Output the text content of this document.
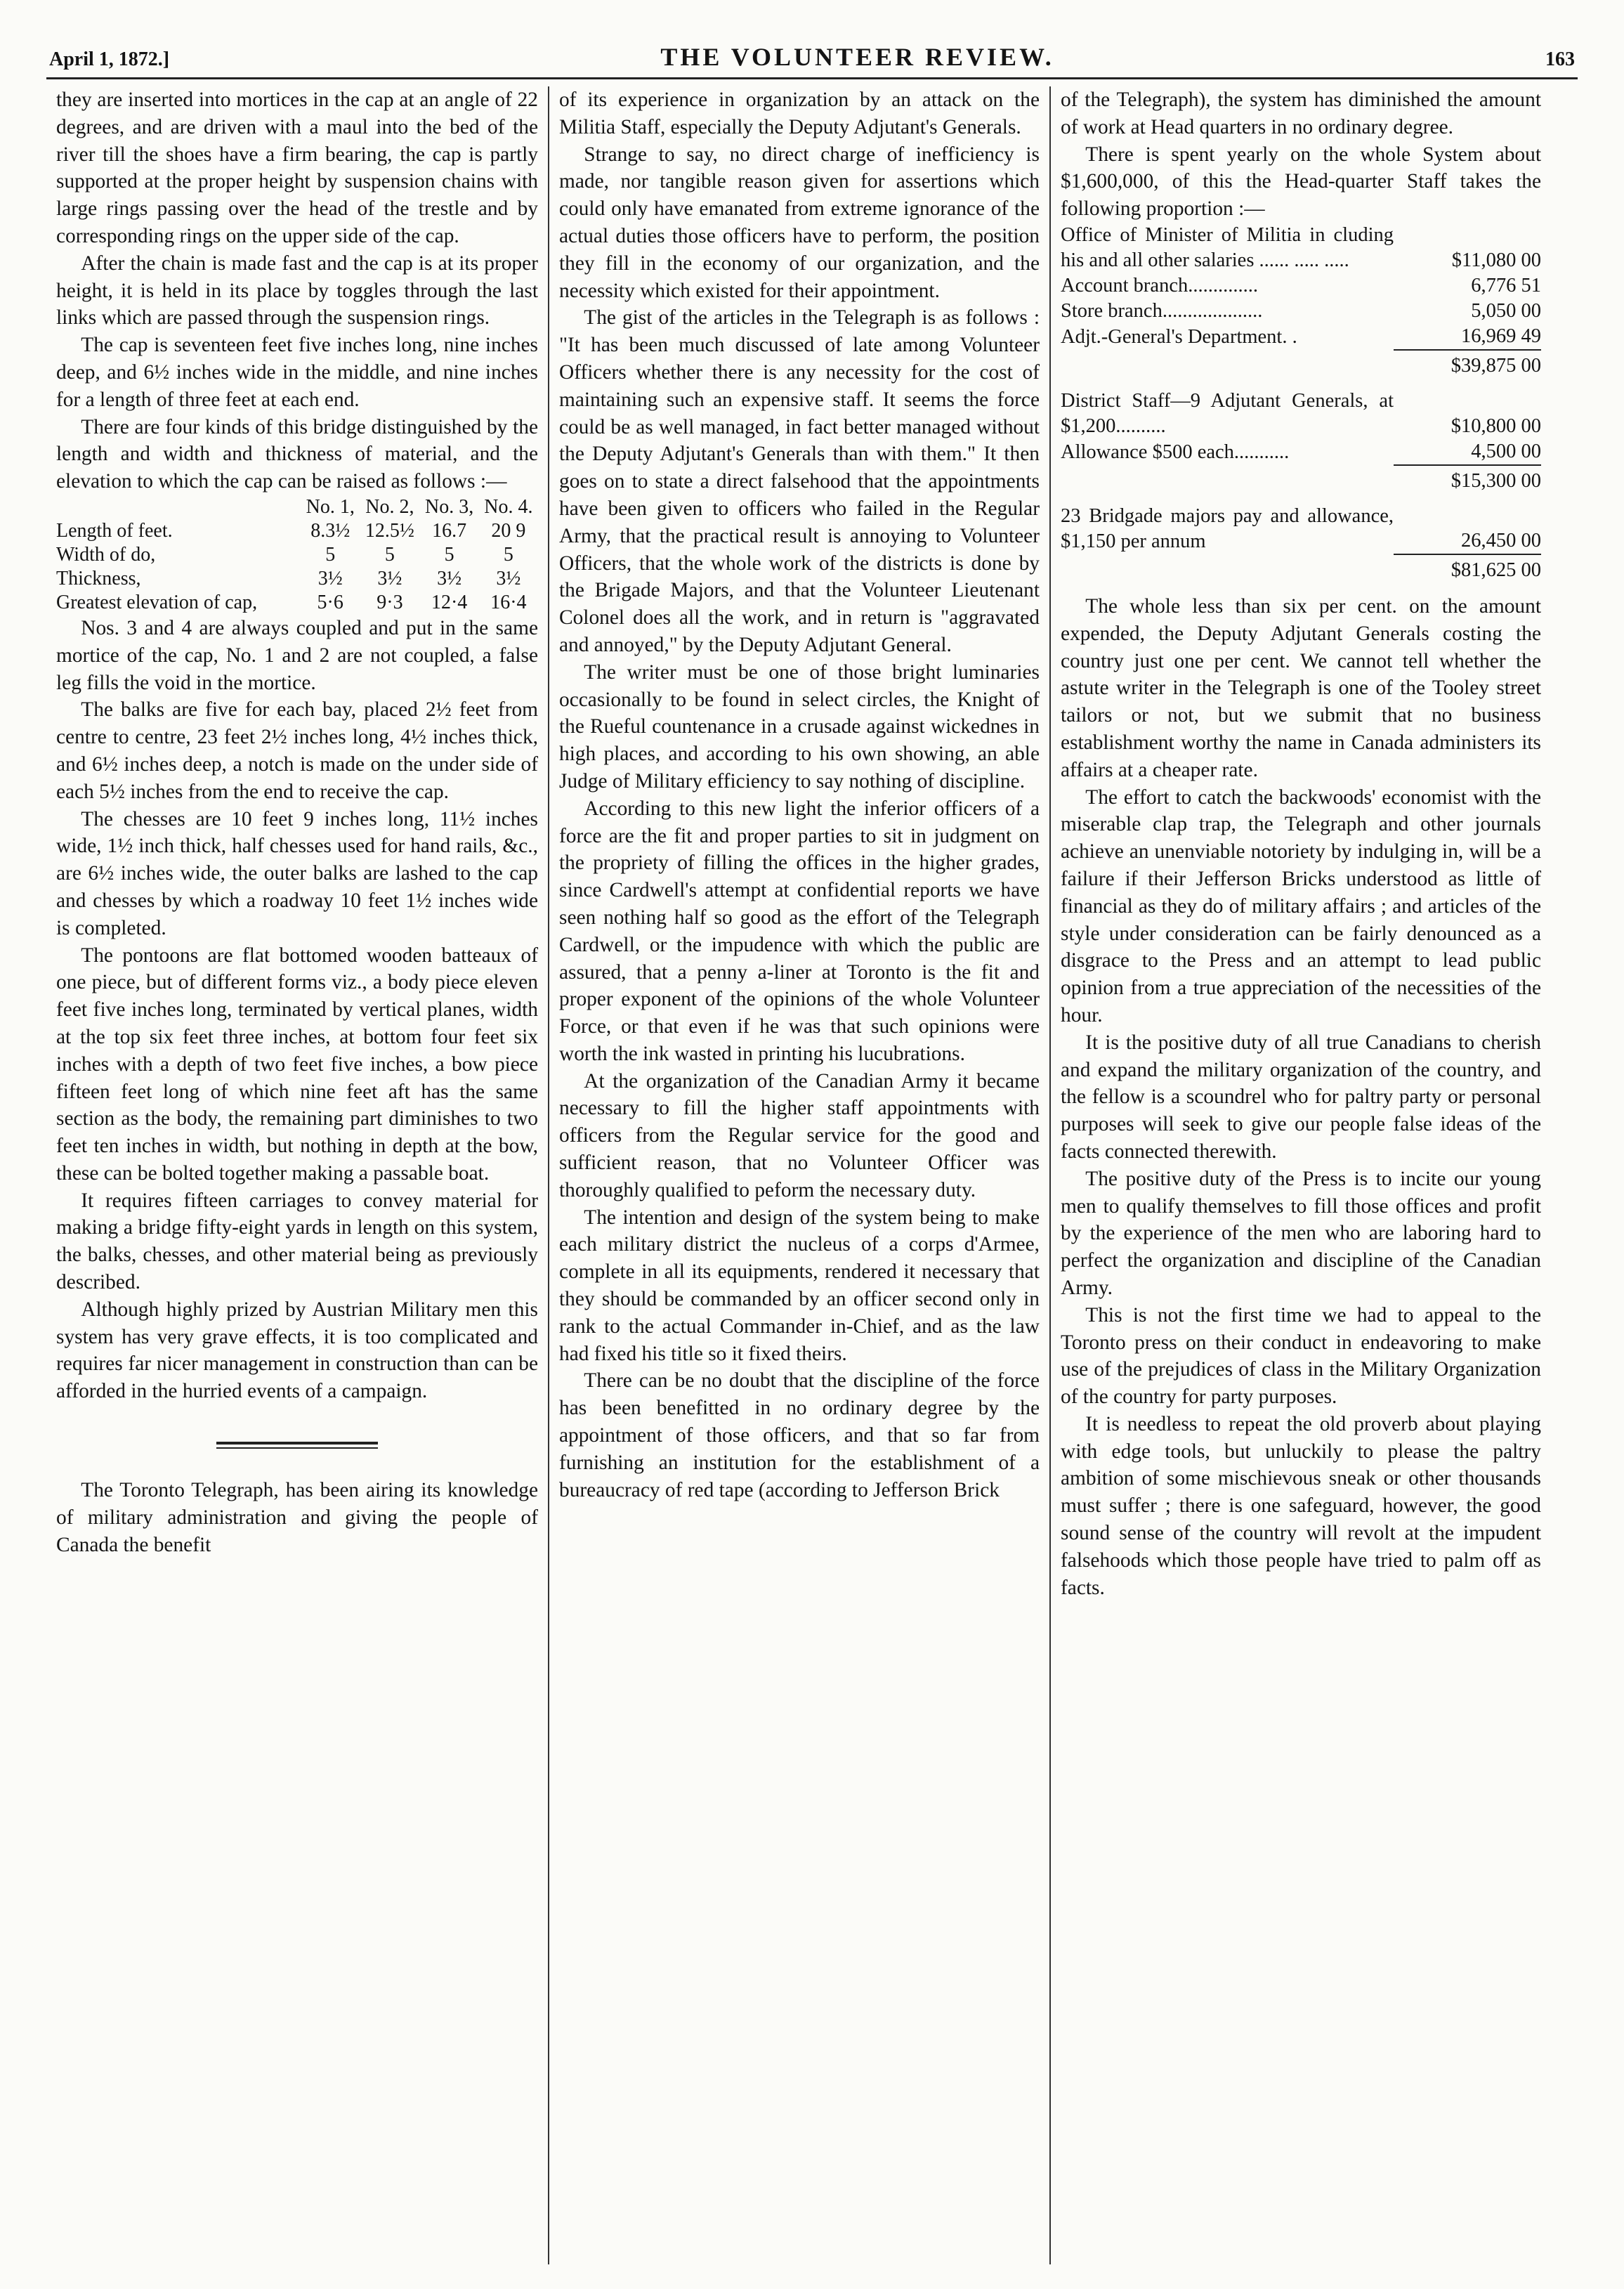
April 1, 1872.]	THE VOLUNTEER REVIEW.	163

they are inserted into mortices in the cap at an angle of 22 degrees, and are driven with a maul into the bed of the river till the shoes have a firm bearing, the cap is partly supported at the proper height by suspension chains with large rings passing over the head of the trestle and by corresponding rings on the upper side of the cap.

After the chain is made fast and the cap is at its proper height, it is held in its place by toggles through the last links which are passed through the suspension rings.

The cap is seventeen feet five inches long, nine inches deep, and 6½ inches wide in the middle, and nine inches for a length of three feet at each end.

There are four kinds of this bridge distinguished by the length and width and thickness of material, and the elevation to which the cap can be raised as follows :—

	No. 1,	No. 2,	No. 3,	No. 4.
Length of feet.	8.3½	12.5½	16.7	20 9
Width of do,	5	5	5	5
Thickness,	3½	3½	3½	3½
Greatest elevation of cap,	5·6	9·3	12·4	16·4

Nos. 3 and 4 are always coupled and put in the same mortice of the cap, No. 1 and 2 are not coupled, a false leg fills the void in the mortice.

The balks are five for each bay, placed 2½ feet from centre to centre, 23 feet 2½ inches long, 4½ inches thick, and 6½ inches deep, a notch is made on the under side of each 5½ inches from the end to receive the cap.

The chesses are 10 feet 9 inches long, 11½ inches wide, 1½ inch thick, half chesses used for hand rails, &c., are 6½ inches wide, the outer balks are lashed to the cap and chesses by which a roadway 10 feet 1½ inches wide is completed.

The pontoons are flat bottomed wooden batteaux of one piece, but of different forms viz., a body piece eleven feet five inches long, terminated by vertical planes, width at the top six feet three inches, at bottom four feet six inches with a depth of two feet five inches, a bow piece fifteen feet long of which nine feet aft has the same section as the body, the remaining part diminishes to two feet ten inches in width, but nothing in depth at the bow, these can be bolted together making a passable boat.

It requires fifteen carriages to convey material for making a bridge fifty-eight yards in length on this system, the balks, chesses, and other material being as previously described.

Although highly prized by Austrian Military men this system has very grave effects, it is too complicated and requires far nicer management in construction than can be afforded in the hurried events of a campaign.

The Toronto Telegraph, has been airing its knowledge of military administration and giving the people of Canada the benefit

of its experience in organization by an attack on the Militia Staff, especially the Deputy Adjutant's Generals.

Strange to say, no direct charge of inefficiency is made, nor tangible reason given for assertions which could only have emanated from extreme ignorance of the actual duties those officers have to perform, the position they fill in the economy of our organization, and the necessity which existed for their appointment.

The gist of the articles in the Telegraph is as follows : "It has been much discussed of late among Volunteer Officers whether there is any necessity for the cost of maintaining such an expensive staff. It seems the force could be as well managed, in fact better managed without the Deputy Adjutant's Generals than with them." It then goes on to state a direct falsehood that the appointments have been given to officers who failed in the Regular Army, that the practical result is annoying to Volunteer Officers, that the whole work of the districts is done by the Brigade Majors, and that the Volunteer Lieutenant Colonel does all the work, and in return is "aggravated and annoyed," by the Deputy Adjutant General.

The writer must be one of those bright luminaries occasionally to be found in select circles, the Knight of the Rueful countenance in a crusade against wickednes in high places, and according to his own showing, an able Judge of Military efficiency to say nothing of discipline.

According to this new light the inferior officers of a force are the fit and proper parties to sit in judgment on the propriety of filling the offices in the higher grades, since Cardwell's attempt at confidential reports we have seen nothing half so good as the effort of the Telegraph Cardwell, or the impudence with which the public are assured, that a penny a-liner at Toronto is the fit and proper exponent of the opinions of the whole Volunteer Force, or that even if he was that such opinions were worth the ink wasted in printing his lucubrations.

At the organization of the Canadian Army it became necessary to fill the higher staff appointments with officers from the Regular service for the good and sufficient reason, that no Volunteer Officer was thoroughly qualified to peform the necessary duty.

The intention and design of the system being to make each military district the nucleus of a corps d'Armee, complete in all its equipments, rendered it necessary that they should be commanded by an officer second only in rank to the actual Commander in-Chief, and as the law had fixed his title so it fixed theirs.

There can be no doubt that the discipline of the force has been benefitted in no ordinary degree by the appointment of those officers, and that so far from furnishing an institution for the establishment of a bureaucracy of red tape (according to Jefferson Brick

of the Telegraph), the system has diminished the amount of work at Head quarters in no ordinary degree.

There is spent yearly on the whole System about $1,600,000, of this the Head-quarter Staff takes the following proportion :—

Office of Minister of Militia in cluding his and all other salaries ...... ..... .....	$11,080 00
Account branch..............	6,776 51
Store branch....................	5,050 00
Adjt.-General's Department. .	16,969 49
	$39,875 00

District Staff—9 Adjutant Generals, at $1,200..........	$10,800 00
Allowance $500 each...........	4,500 00
	$15,300 00

23 Bridgade majors pay and allowance, $1,150 per annum	26,450 00
	$81,625 00

The whole less than six per cent. on the amount expended, the Deputy Adjutant Generals costing the country just one per cent. We cannot tell whether the astute writer in the Telegraph is one of the Tooley street tailors or not, but we submit that no business establishment worthy the name in Canada administers its affairs at a cheaper rate.

The effort to catch the backwoods' economist with the miserable clap trap, the Telegraph and other journals achieve an unenviable notoriety by indulging in, will be a failure if their Jefferson Bricks understood as little of financial as they do of military affairs ; and articles of the style under consideration can be fairly denounced as a disgrace to the Press and an attempt to lead public opinion from a true appreciation of the necessities of the hour.

It is the positive duty of all true Canadians to cherish and expand the military organization of the country, and the fellow is a scoundrel who for paltry party or personal purposes will seek to give our people false ideas of the facts connected therewith.

The positive duty of the Press is to incite our young men to qualify themselves to fill those offices and profit by the experience of the men who are laboring hard to perfect the organization and discipline of the Canadian Army.

This is not the first time we had to appeal to the Toronto press on their conduct in endeavoring to make use of the prejudices of class in the Military Organization of the country for party purposes.

It is needless to repeat the old proverb about playing with edge tools, but unluckily to please the paltry ambition of some mischievous sneak or other thousands must suffer ; there is one safeguard, however, the good sound sense of the country will revolt at the impudent falsehoods which those people have tried to palm off as facts.
